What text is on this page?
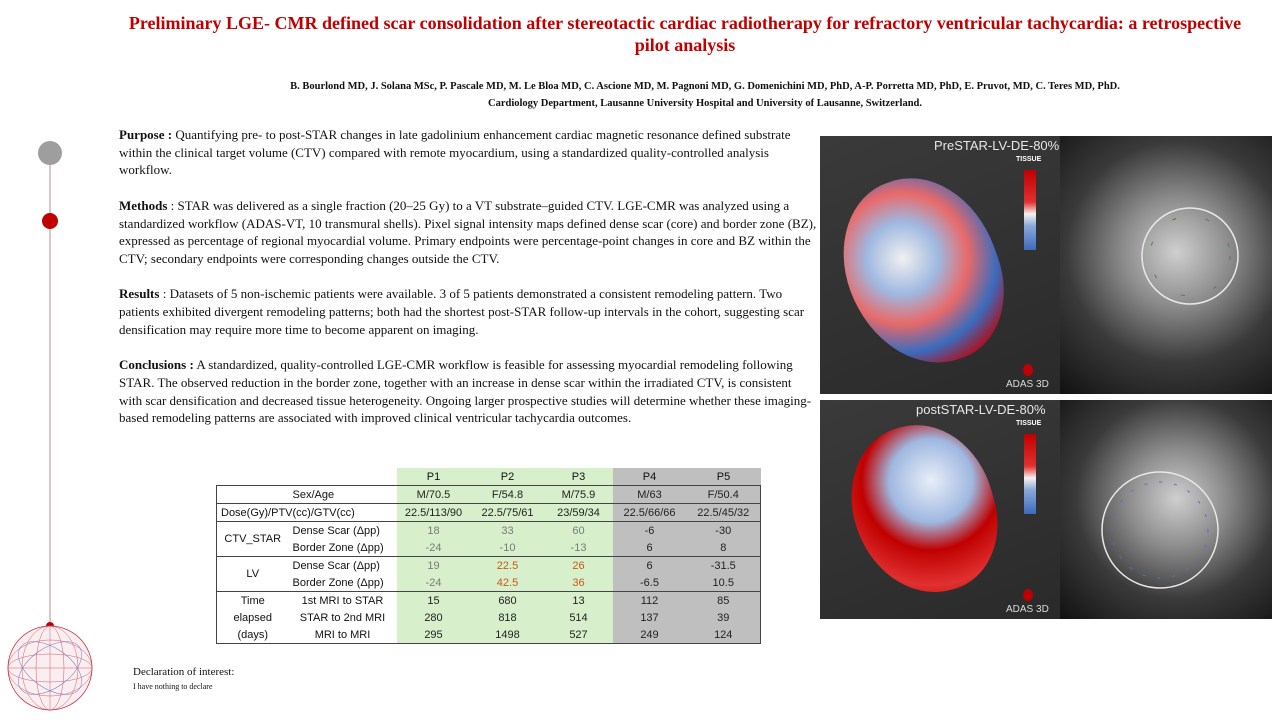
Preliminary LGE- CMR defined scar consolidation after stereotactic cardiac radiotherapy for refractory ventricular tachycardia: a retrospective pilot analysis
B. Bourlond MD, J. Solana MSc, P. Pascale MD, M. Le Bloa MD, C. Ascione MD, M. Pagnoni MD, G. Domenichini MD, PhD, A-P. Porretta MD, PhD, E. Pruvot, MD, C. Teres MD, PhD.
Cardiology Department, Lausanne University Hospital and University of Lausanne, Switzerland.

Purpose : Quantifying pre- to post-STAR changes in late gadolinium enhancement cardiac magnetic resonance defined substrate within the clinical target volume (CTV) compared with remote myocardium, using a standardized quality-controlled analysis workflow.

Methods : STAR was delivered as a single fraction (20–25 Gy) to a VT substrate–guided CTV. LGE-CMR was analyzed using a standardized workflow (ADAS-VT, 10 transmural shells). Pixel signal intensity maps defined dense scar (core) and border zone (BZ), expressed as percentage of regional myocardial volume. Primary endpoints were percentage-point changes in core and BZ within the CTV; secondary endpoints were corresponding changes outside the CTV.

Results : Datasets of 5 non-ischemic patients were available. 3 of 5 patients demonstrated a consistent remodeling pattern. Two patients exhibited divergent remodeling patterns; both had the shortest post-STAR follow-up intervals in the cohort, suggesting scar densification may require more time to become apparent on imaging.

Conclusions : A standardized, quality-controlled LGE-CMR workflow is feasible for assessing myocardial remodeling following STAR. The observed reduction in the border zone, together with an increase in dense scar within the irradiated CTV, is consistent with scar densification and decreased tissue heterogeneity. Ongoing larger prospective studies will determine whether these imaging-based remodeling patterns are associated with improved clinical ventricular tachycardia outcomes.

		P1	P2	P3	P4	P5
	Sex/Age	M/70.5	F/54.8	M/75.9	M/63	F/50.4
Dose(Gy)/PTV(cc)/GTV(cc)		22.5/113/90	22.5/75/61	23/59/34	22.5/66/66	22.5/45/32
CTV_STAR	Dense Scar (Δpp)	18	33	60	-6	-30
	Border Zone (Δpp)	-24	-10	-13	6	8
LV	Dense Scar (Δpp)	19	22.5	26	6	-31.5
	Border Zone (Δpp)	-24	42.5	36	-6.5	10.5
Time	1st MRI to STAR	15	680	13	112	85
elapsed	STAR to 2nd MRI	280	818	514	137	39
(days)	MRI to MRI	295	1498	527	249	124
PreSTAR-LV-DE-80%
TISSUE
ADAS 3D
postSTAR-LV-DE-80%
TISSUE
ADAS 3D
Declaration of interest:
I have nothing to declare
